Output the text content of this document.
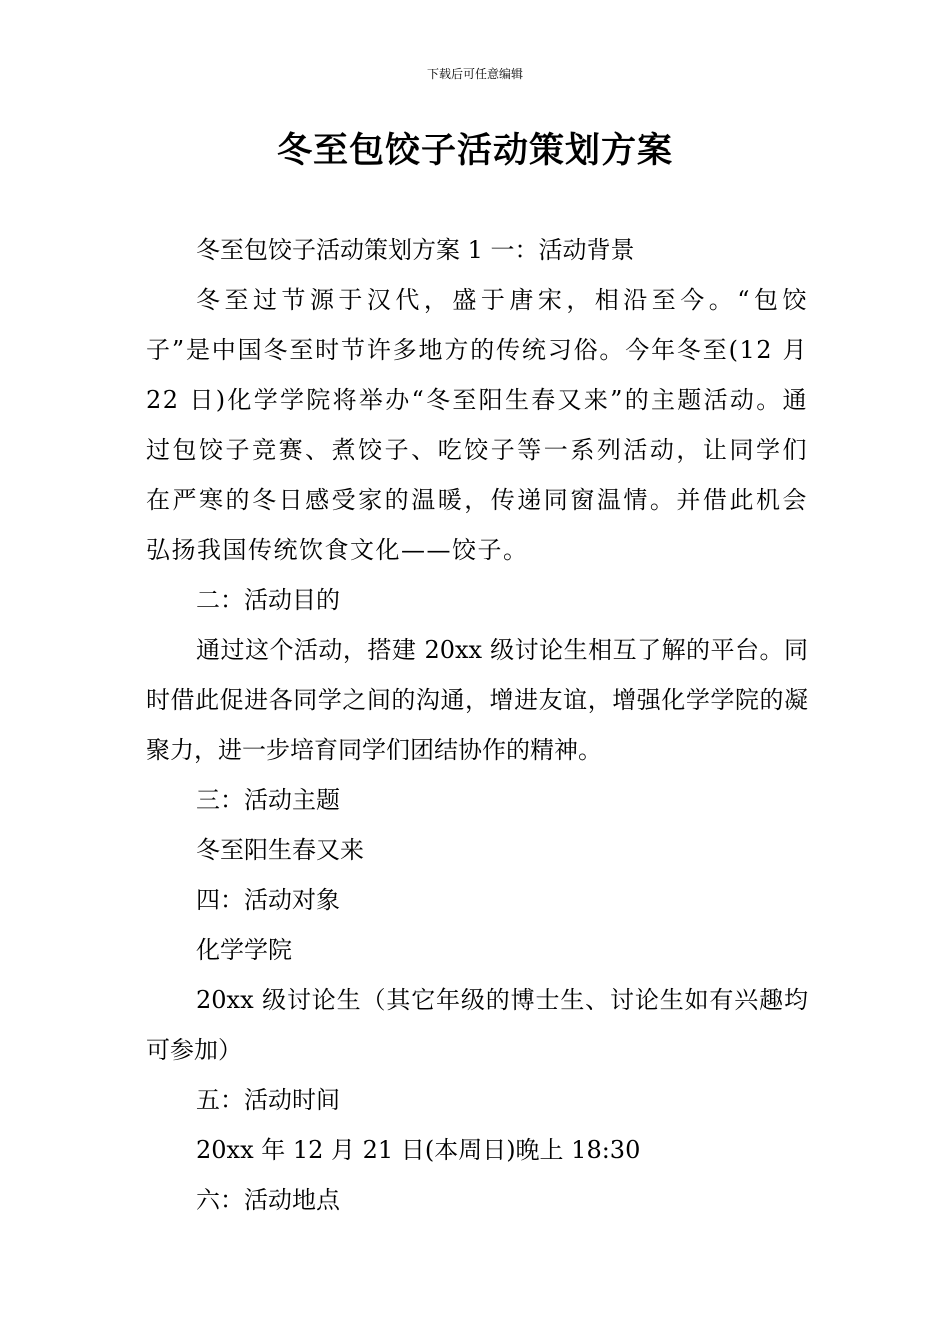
下载后可任意编辑
冬至包饺子活动策划方案

冬至包饺子活动策划方案 1 一：活动背景

冬至过节源于汉代，盛于唐宋，相沿至今。“包饺子”是中国冬至时节许多地方的传统习俗。今年冬至(12 月22 日)化学学院将举办“冬至阳生春又来”的主题活动。通过包饺子竞赛、煮饺子、吃饺子等一系列活动，让同学们在严寒的冬日感受家的温暖，传递同窗温情。并借此机会弘扬我国传统饮食文化——饺子。

二：活动目的

通过这个活动，搭建 20xx 级讨论生相互了解的平台。同时借此促进各同学之间的沟通，增进友谊，增强化学学院的凝聚力，进一步培育同学们团结协作的精神。

三：活动主题

冬至阳生春又来

四：活动对象

化学学院

20xx 级讨论生（其它年级的博士生、讨论生如有兴趣均可参加）

五：活动时间

20xx 年 12 月 21 日(本周日)晚上 18:30

六：活动地点
